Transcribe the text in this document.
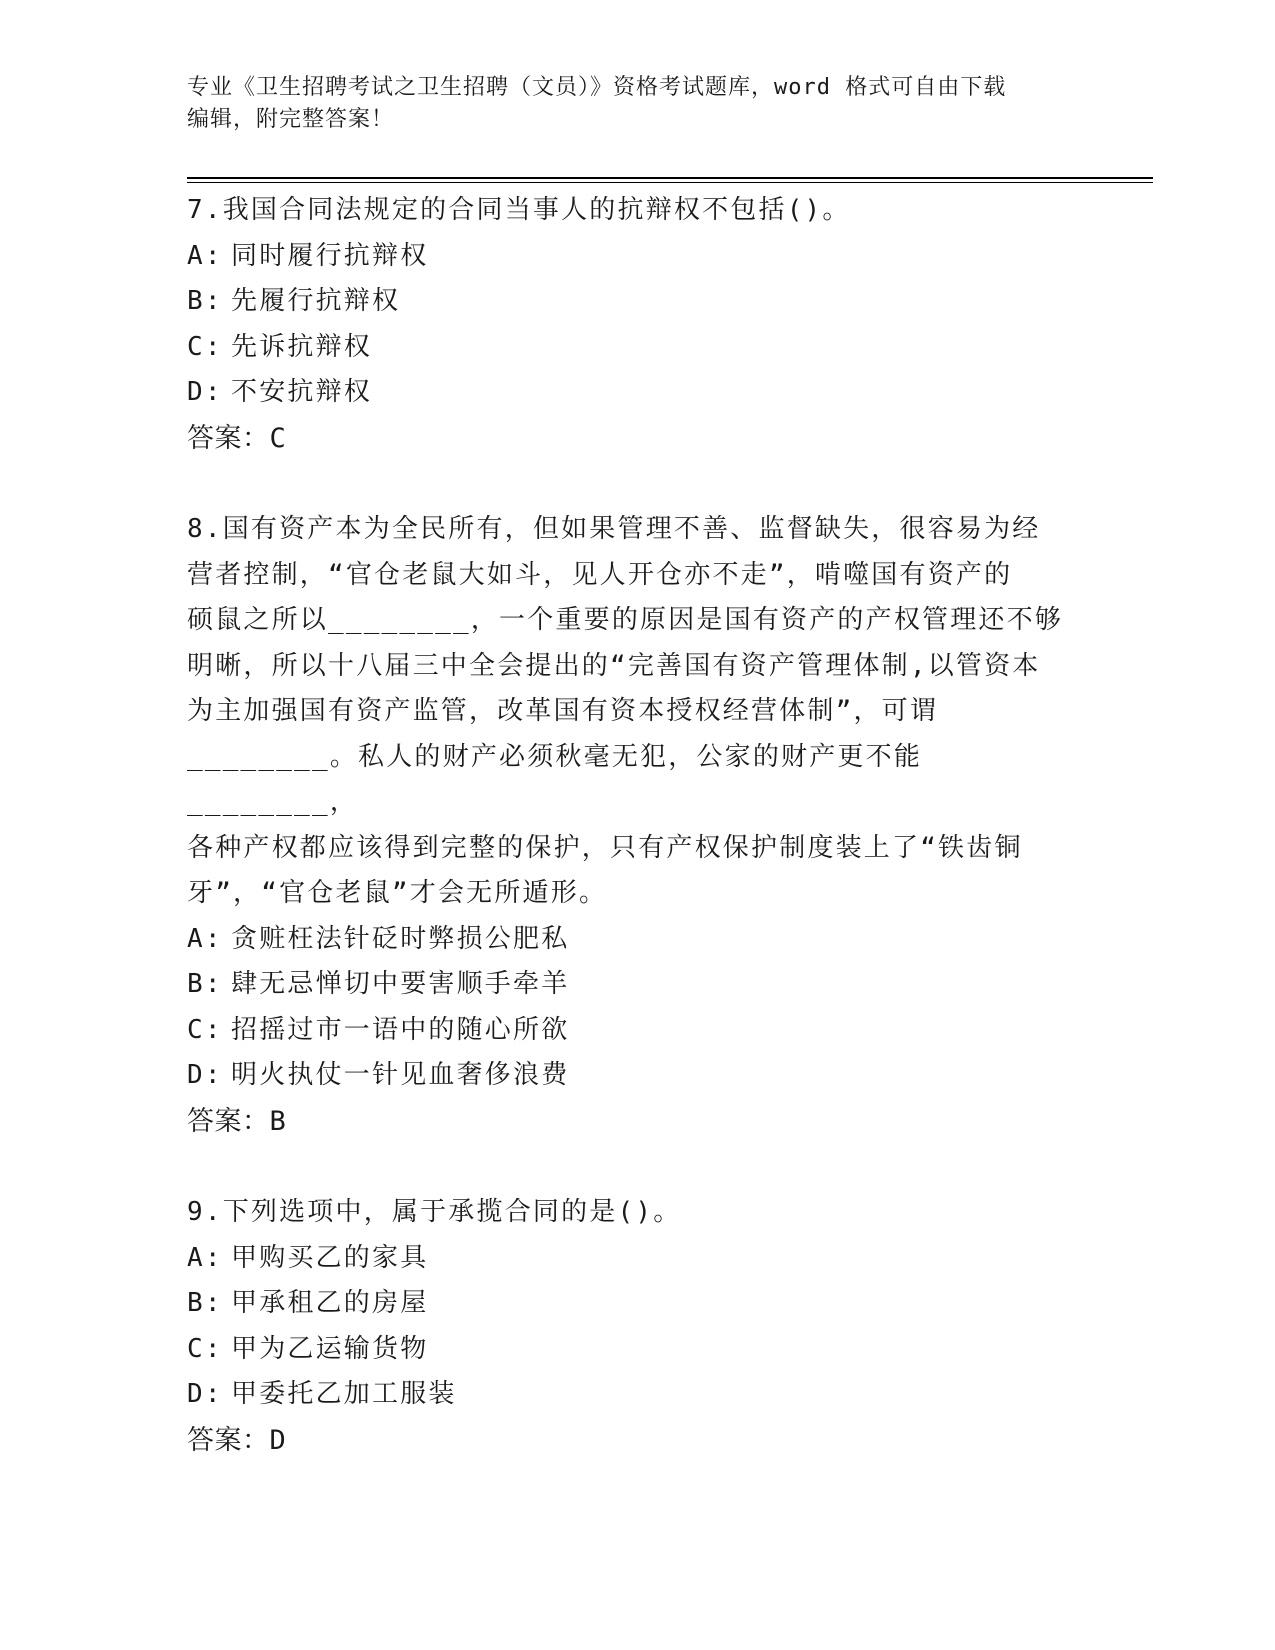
专业《卫生招聘考试之卫生招聘（文员）》资格考试题库，word 格式可自由下载
编辑，附完整答案！

7.我国合同法规定的合同当事人的抗辩权不包括()。

A: 同时履行抗辩权

B: 先履行抗辩权

C: 先诉抗辩权

D: 不安抗辩权

答案：C

8.国有资产本为全民所有，但如果管理不善、监督缺失，很容易为经

营者控制，“官仓老鼠大如斗，见人开仓亦不走”，啃噬国有资产的

硕鼠之所以________，一个重要的原因是国有资产的产权管理还不够

明晰，所以十八届三中全会提出的“完善国有资产管理体制,以管资本

为主加强国有资产监管，改革国有资本授权经营体制”，可谓

________。私人的财产必须秋毫无犯，公家的财产更不能________，

各种产权都应该得到完整的保护，只有产权保护制度装上了“铁齿铜

牙”，“官仓老鼠”才会无所遁形。

A: 贪赃枉法针砭时弊损公肥私

B: 肆无忌惮切中要害顺手牵羊

C: 招摇过市一语中的随心所欲

D: 明火执仗一针见血奢侈浪费

答案：B

9.下列选项中，属于承揽合同的是()。

A: 甲购买乙的家具

B: 甲承租乙的房屋

C: 甲为乙运输货物

D: 甲委托乙加工服装

答案：D
